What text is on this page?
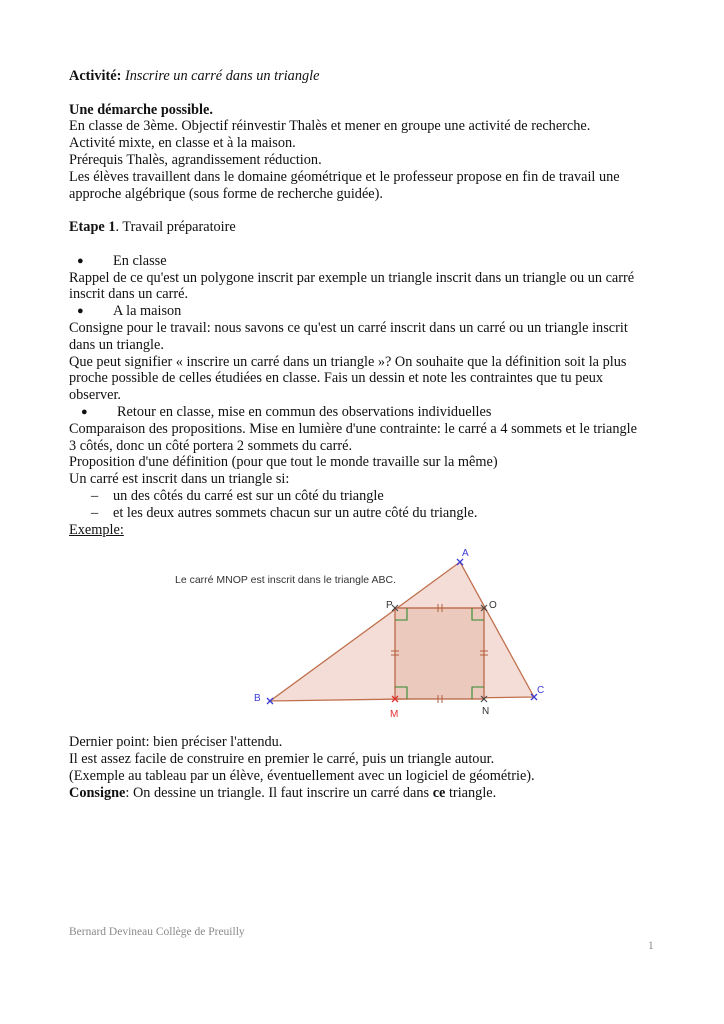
Activité: Inscrire un carré dans un triangle

Une démarche possible.

En classe de 3ème. Objectif réinvestir Thalès et mener en groupe une activité de recherche.

Activité mixte, en classe et à la maison.

Prérequis Thalès, agrandissement réduction.

Les élèves travaillent dans le domaine géométrique et le professeur propose en fin de travail une

approche algébrique (sous forme de recherche guidée).

Etape 1. Travail préparatoire

● En classe

Rappel de ce qu'est un polygone inscrit par exemple un triangle inscrit dans un triangle ou un carré

inscrit dans un carré.

● A la maison

Consigne pour le travail: nous savons ce qu'est un carré inscrit dans un carré ou un triangle inscrit

dans un triangle.

Que peut signifier « inscrire un carré dans un triangle »? On souhaite que la définition soit la plus

proche possible de celles étudiées en classe. Fais un dessin et note les contraintes que tu peux

observer.

● Retour en classe, mise en commun des observations individuelles

Comparaison des propositions. Mise en lumière d'une contrainte: le carré a 4 sommets et le triangle

3 côtés, donc un côté portera 2 sommets du carré.

Proposition d'une définition (pour que tout le monde travaille sur la même)

Un carré est inscrit dans un triangle si:

– un des côtés du carré est sur un côté du triangle

– et les deux autres sommets chacun sur un autre côté du triangle.

Exemple:

Dernier point: bien préciser l'attendu.

Il est assez facile de construire en premier le carré, puis un triangle autour.

(Exemple au tableau par un élève, éventuellement avec un logiciel de géométrie).

Consigne: On dessine un triangle. Il faut inscrire un carré dans ce triangle.

Le carré MNOP est inscrit dans le triangle ABC.
A
B
C
P	O
M	N
Bernard Devineau Collège de Preuilly
1
